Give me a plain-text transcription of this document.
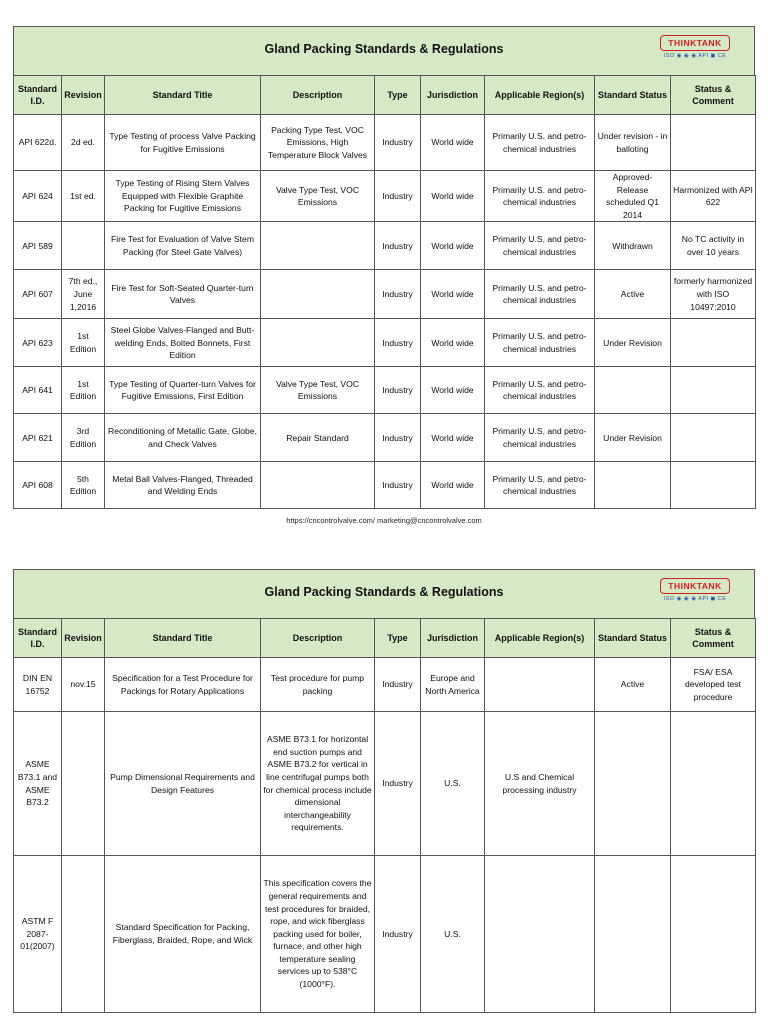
Gland Packing Standards & Regulations	THINKTANK
ISO ◉ ◉ ◉ API ◼ CE
Standard I.D.	Revision	Standard Title	Description	Type	Jurisdiction	Applicable Region(s)	Standard Status	Status & Comment
API 622d.	2d ed.	Type Testing of process Valve Packing for Fugitive Emissions	Packing Type Test, VOC Emissions, High Temperature Block Valves	Industry	World wide	Primarily U.S. and petro-chemical industries	Under revision - in balloting	
API 624	1st ed.	Type Testing of Rising Stem Valves Equipped with Flexible Graphite Packing for Fugitive Emissions	Valve Type Test, VOC Emissions	Industry	World wide	Primarily U.S. and petro-chemical industries	Approved-Release scheduled Q1 2014	Harmonized with API 622
API 589		Fire Test for Evaluation of Valve Stem Packing (for Steel Gate Valves)		Industry	World wide	Primarily U.S. and petro-chemical industries	Withdrawn	No TC activity in over 10 years
API 607	7th ed., June 1,2016	Fire Test for Soft-Seated Quarter-turn Valves		Industry	World wide	Primarily U.S. and petro-chemical industries	Active	formerly harmonized with ISO 10497:2010
API 623	1st Edition	Steel Globe Valves-Flanged and Butt-welding Ends, Bolted Bonnets, First Edition		Industry	World wide	Primarily U.S. and petro-chemical industries	Under Revision	
API 641	1st Edition	Type Testing of Quarter-turn Valves for Fugitive Emissions, First Edition	Valve Type Test, VOC Emissions	Industry	World wide	Primarily U.S. and petro-chemical industries		
API 621	3rd Edition	Reconditioning of Metallic Gate, Globe, and Check Valves	Repair Standard	Industry	World wide	Primarily U.S. and petro-chemical industries	Under Revision	
API 608	5th Edition	Metal Ball Valves-Flanged, Threaded and Welding Ends		Industry	World wide	Primarily U.S. and petro-chemical industries		
https://cncontrolvalve.com/ marketing@cncontrolvalve.com
Gland Packing Standards & Regulations	THINKTANK
ISO ◉ ◉ ◉ API ◼ CE
Standard I.D.	Revision	Standard Title	Description	Type	Jurisdiction	Applicable Region(s)	Standard Status	Status & Comment
DIN EN 16752	nov.15	Specification for a Test Procedure for Packings for Rotary Applications	Test procedure for pump packing	Industry	Europe and North America		Active	FSA/ ESA developed test procedure
ASME B73.1 and ASME B73.2		Pump Dimensional Requirements and Design Features	ASME B73.1 for horizontal end suction pumps and ASME B73.2 for vertical in line centrifugal pumps both for chemical process include dimensional interchangeability requirements.	Industry	U.S.	U.S and Chemical processing industry		
ASTM F 2087-01(2007)		Standard Specification for Packing, Fiberglass, Braided, Rope, and Wick	This specification covers the general requirements and test procedures for braided, rope, and wick fiberglass packing used for boiler, furnace, and other high temperature sealing services up to 538°C (1000°F).	Industry	U.S.			
